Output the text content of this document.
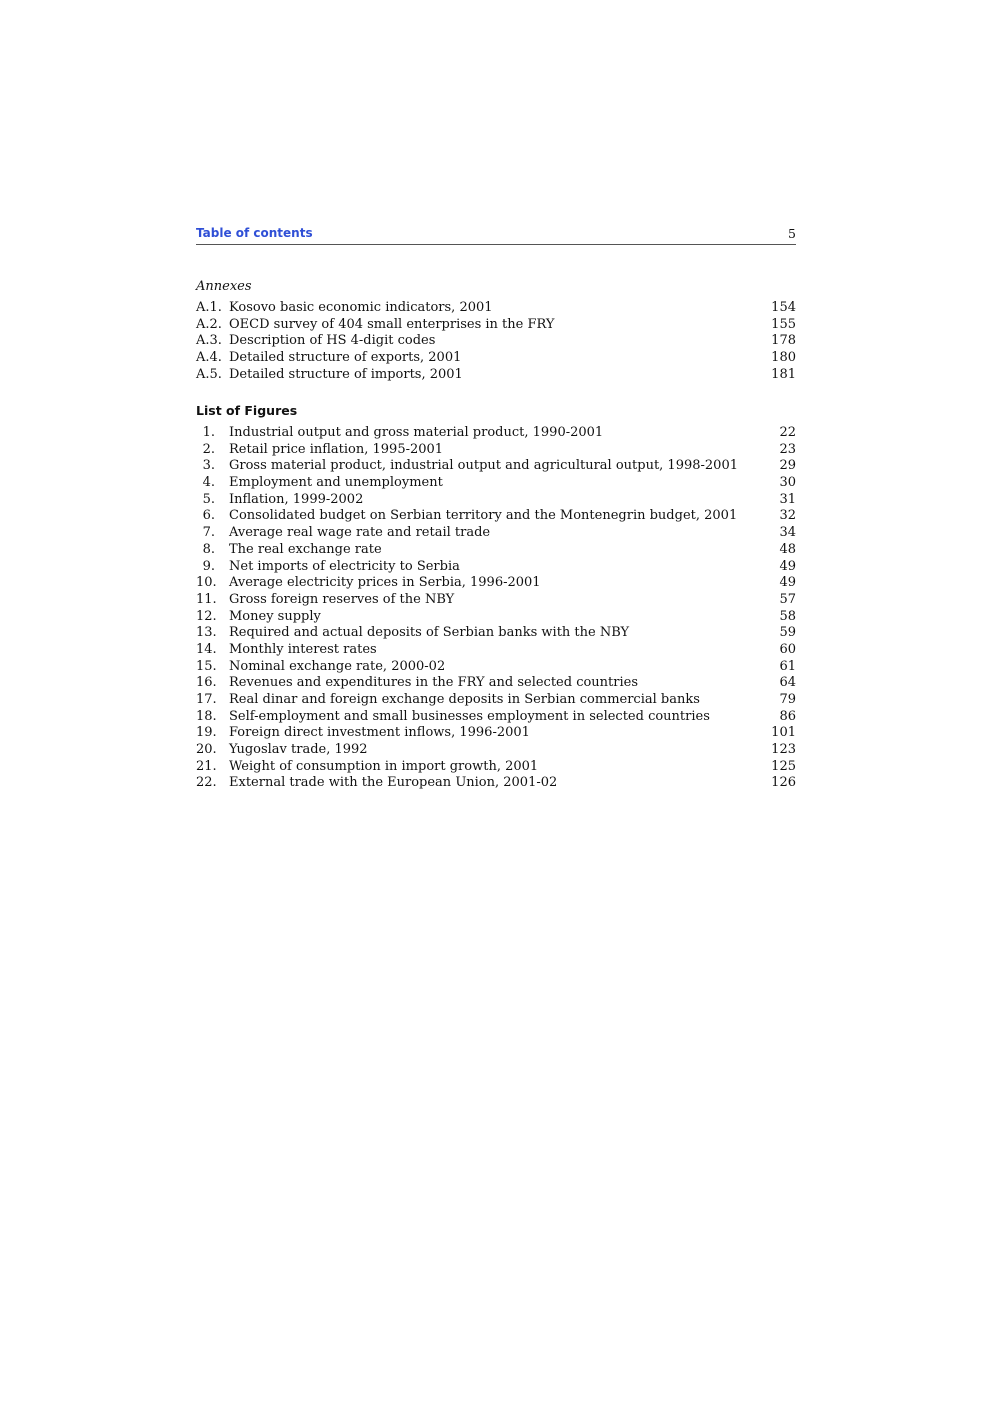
Table of contents	5
Annexes
A.1. Kosovo basic economic indicators, 2001	154
A.2. OECD survey of 404 small enterprises in the FRY	155
A.3. Description of HS 4-digit codes	178
A.4. Detailed structure of exports, 2001	180
A.5. Detailed structure of imports, 2001	181
List of Figures
1. Industrial output and gross material product, 1990-2001	22
2. Retail price inflation, 1995-2001	23
3. Gross material product, industrial output and agricultural output, 1998-2001	29
4. Employment and unemployment	30
5. Inflation, 1999-2002	31
6. Consolidated budget on Serbian territory and the Montenegrin budget, 2001	32
7. Average real wage rate and retail trade	34
8. The real exchange rate	48
9. Net imports of electricity to Serbia	49
10. Average electricity prices in Serbia, 1996-2001	49
11. Gross foreign reserves of the NBY	57
12. Money supply	58
13. Required and actual deposits of Serbian banks with the NBY	59
14. Monthly interest rates	60
15. Nominal exchange rate, 2000-02	61
16. Revenues and expenditures in the FRY and selected countries	64
17. Real dinar and foreign exchange deposits in Serbian commercial banks	79
18. Self-employment and small businesses employment in selected countries	86
19. Foreign direct investment inflows, 1996-2001	101
20. Yugoslav trade, 1992	123
21. Weight of consumption in import growth, 2001	125
22. External trade with the European Union, 2001-02	126
